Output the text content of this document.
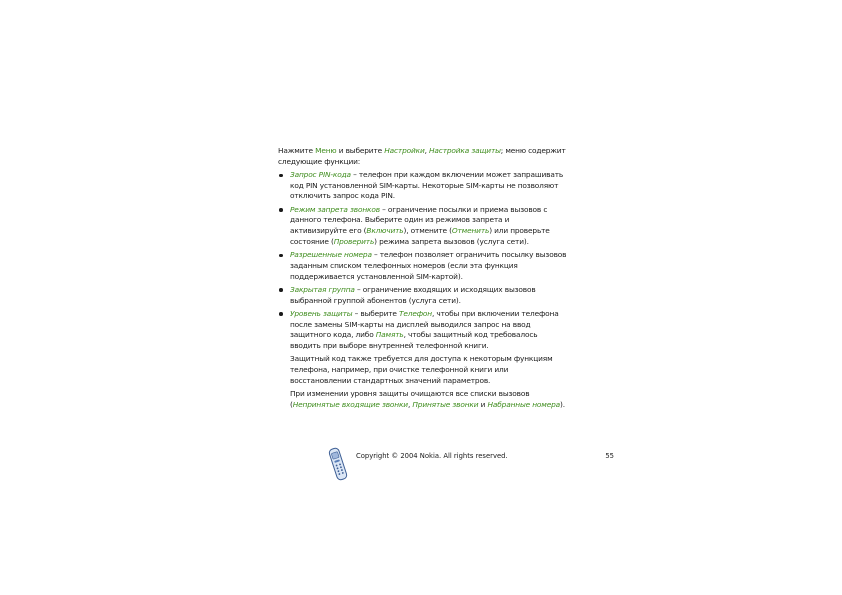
Нажмите Меню и выберите Настройки, Настройка защиты; меню содержит следующие функции:

Запрос PIN-кода – телефон при каждом включении может запрашивать код PIN установленной SIM-карты. Некоторые SIM-карты не позволяют отключить запрос кода PIN.
Режим запрета звонков – ограничение посылки и приема вызовов с данного телефона. Выберите один из режимов запрета и активизируйте его (Включить), отмените (Отменить) или проверьте состояние (Проверить) режима запрета вызовов (услуга сети).
Разрешенные номера – телефон позволяет ограничить посылку вызовов заданным списком телефонных номеров (если эта функция поддерживается установленной SIM-картой).
Закрытая группа – ограничение входящих и исходящих вызовов выбранной группой абонентов (услуга сети).
Уровень защиты – выберите Телефон, чтобы при включении телефона после замены SIM-карты на дисплей выводился запрос на ввод защитного кода, либо Память, чтобы защитный код требовалось вводить при выборе внутренней телефонной книги.

Защитный код также требуется для доступа к некоторым функциям телефона, например, при очистке телефонной книги или восстановлении стандартных значений параметров.

При изменении уровня защиты очищаются все списки вызовов (Непринятые входящие звонки, Принятые звонки и Набранные номера).

Copyright © 2004 Nokia. All rights reserved.	55
